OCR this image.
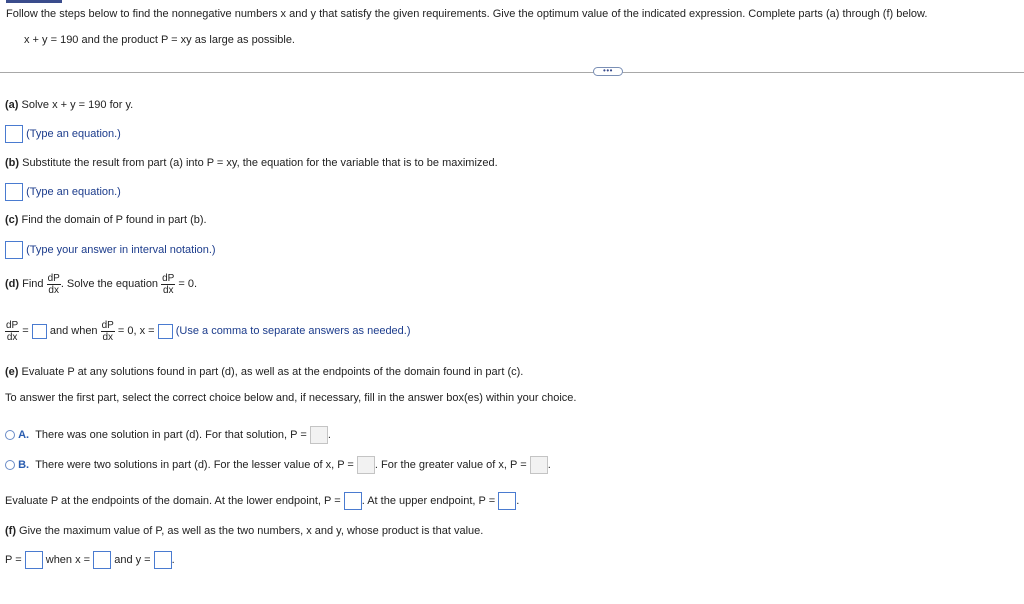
Follow the steps below to find the nonnegative numbers x and y that satisfy the given requirements. Give the optimum value of the indicated expression. Complete parts (a) through (f) below.
x + y = 190 and the product P = xy as large as possible.
•••
(a) Solve x + y = 190 for y.
(Type an equation.)
(b) Substitute the result from part (a) into P = xy, the equation for the variable that is to be maximized.
(Type an equation.)
(c) Find the domain of P found in part (b).
(Type your answer in interval notation.)
(d) Find $\frac{dP}{dx}$ . Solve the equation $\frac{dP}{dx} = 0$.
$\frac{dP}{dx}$ = and when $\frac{dP}{dx} = 0$, x = (Use a comma to separate answers as needed.)
(e) Evaluate P at any solutions found in part (d), as well as at the endpoints of the domain found in part (c).
To answer the first part, select the correct choice below and, if necessary, fill in the answer box(es) within your choice.
A. There was one solution in part (d). For that solution, P = .
B. There were two solutions in part (d). For the lesser value of x, P = . For the greater value of x, P = .
Evaluate P at the endpoints of the domain. At the lower endpoint, P = . At the upper endpoint, P = .
(f) Give the maximum value of P, as well as the two numbers, x and y, whose product is that value.
P = when x = and y = .
